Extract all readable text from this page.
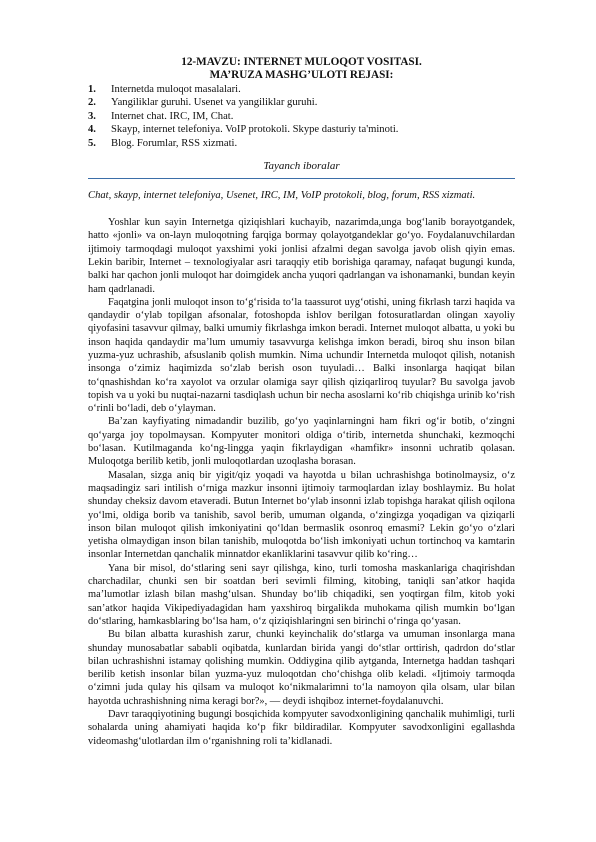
12-MAVZU: INTERNET MULOQOT VOSITASI.

MA’RUZA MASHG’ULOTI REJASI:

1.	Internetda muloqot masalalari.
2.	Yangiliklar guruhi. Usenet va yangiliklar guruhi.
3.	Internet chat. IRC, IM, Chat.
4.	Skayp, internet telefoniya. VoIP protokoli. Skype dasturiy ta'minoti.
5.	Blog. Forumlar, RSS xizmati.
Tayanch iboralar
Chat, skayp, internet telefoniya, Usenet, IRC, IM, VoIP protokoli, blog, forum, RSS xizmati.

Yoshlar kun sayin Internetga qiziqishlari kuchayib, nazarimda,unga bog‘lanib borayotgandek, hatto «jonli» va on-layn muloqotning farqiga bormay qolayotgandeklar go‘yo. Foydalanuvchilardan ijtimoiy tarmoqdagi muloqot yaxshimi yoki jonlisi afzalmi degan savolga javob olish qiyin emas. Lekin baribir, Internet – texnologiyalar asri taraqqiy etib borishiga qaramay, nafaqat bugungi kunda, balki har qachon jonli muloqot har doimgidek ancha yuqori qadrlangan va ishonamanki, bundan keyin ham qadrlanadi.

Faqatgina jonli muloqot inson to‘g‘risida to‘la taassurot uyg‘otishi, uning fikrlash tarzi haqida va qandaydir o‘ylab topilgan afsonalar, fotoshopda ishlov berilgan fotosuratlardan olingan xayoliy qiyofasini tasavvur qilmay, balki umumiy fikrlashga imkon beradi. Internet muloqot albatta, u yoki bu inson haqida qandaydir ma’lum umumiy tasavvurga kelishga imkon beradi, biroq shu inson bilan yuzma-yuz uchrashib, afsuslanib qolish mumkin. Nima uchundir Internetda muloqot qilish, notanish insonga o‘zimiz haqimizda so‘zlab berish oson tuyuladi… Balki insonlarga haqiqat bilan to‘qnashishdan ko‘ra xayolot va orzular olamiga sayr qilish qiziqarliroq tuyular? Bu savolga javob topish va u yoki bu nuqtai-nazarni tasdiqlash uchun bir necha asoslarni ko‘rib chiqishga urinib ko‘rish o‘rinli bo‘ladi, deb o‘ylayman.

Ba’zan kayfiyating nimadandir buzilib, go‘yo yaqinlarningni ham fikri og‘ir botib, o‘zingni qo‘yarga joy topolmaysan. Kompyuter monitori oldiga o‘tirib, internetda shunchaki, kezmoqchi bo‘lasan. Kutilmaganda ko‘ng-lingga yaqin fikrlaydigan «hamfikr» insonni uchratib qolasan. Muloqotga berilib ketib, jonli muloqotlardan uzoqlasha borasan.

Masalan, sizga aniq bir yigit/qiz yoqadi va hayotda u bilan uchrashishga botinolmaysiz, o‘z maqsadingiz sari intilish o‘rniga mazkur insonni ijtimoiy tarmoqlardan izlay boshlaymiz. Bu holat shunday cheksiz davom etaveradi. Butun Internet bo‘ylab insonni izlab topishga harakat qilish oqilona yo‘lmi, oldiga borib va tanishib, savol berib, umuman olganda, o‘zingizga yoqadigan va qiziqarli inson bilan muloqot qilish imkoniyatini qo‘ldan bermaslik osonroq emasmi? Lekin go‘yo o‘zlari yetisha olmaydigan inson bilan tanishib, muloqotda bo‘lish imkoniyati uchun tortinchoq va kamtarin insonlar Internetdan qanchalik minnatdor ekanliklarini tasavvur qilib ko‘ring…

Yana bir misol, do‘stlaring seni sayr qilishga, kino, turli tomosha maskanlariga chaqirishdan charchadilar, chunki sen bir soatdan beri sevimli filming, kitobing, taniqli san’atkor haqida ma’lumotlar izlash bilan mashg‘ulsan. Shunday bo‘lib chiqadiki, sen yoqtirgan film, kitob yoki san’atkor haqida Vikipediyadagidan ham yaxshiroq birgalikda muhokama qilish mumkin bo‘lgan do‘stlaring, hamkasblaring bo‘lsa ham, o‘z qiziqishlaringni sen birinchi o‘ringa qo‘yasan.

Bu bilan albatta kurashish zarur, chunki keyinchalik do‘stlarga va umuman insonlarga mana shunday munosabatlar sababli oqibatda, kunlardan birida yangi do‘stlar orttirish, qadrdon do‘stlar bilan uchrashishni istamay qolishing mumkin. Oddiygina qilib aytganda, Internetga haddan tashqari berilib ketish insonlar bilan yuzma-yuz muloqotdan cho‘chishga olib keladi. «Ijtimoiy tarmoqda o‘zimni juda qulay his qilsam va muloqot ko‘nikmalarimni to‘la namoyon qila olsam, ular bilan hayotda uchrashishning nima keragi bor?», — deydi ishqiboz internet-foydalanuvchi.

Davr taraqqiyotining bugungi bosqichida kompyuter savodxonligining qanchalik muhimligi, turli sohalarda uning ahamiyati haqida ko‘p fikr bildiradilar. Kompyuter savodxonligini egallashda videomashg‘ulotlardan ilm o‘rganishning roli ta’kidlanadi.
